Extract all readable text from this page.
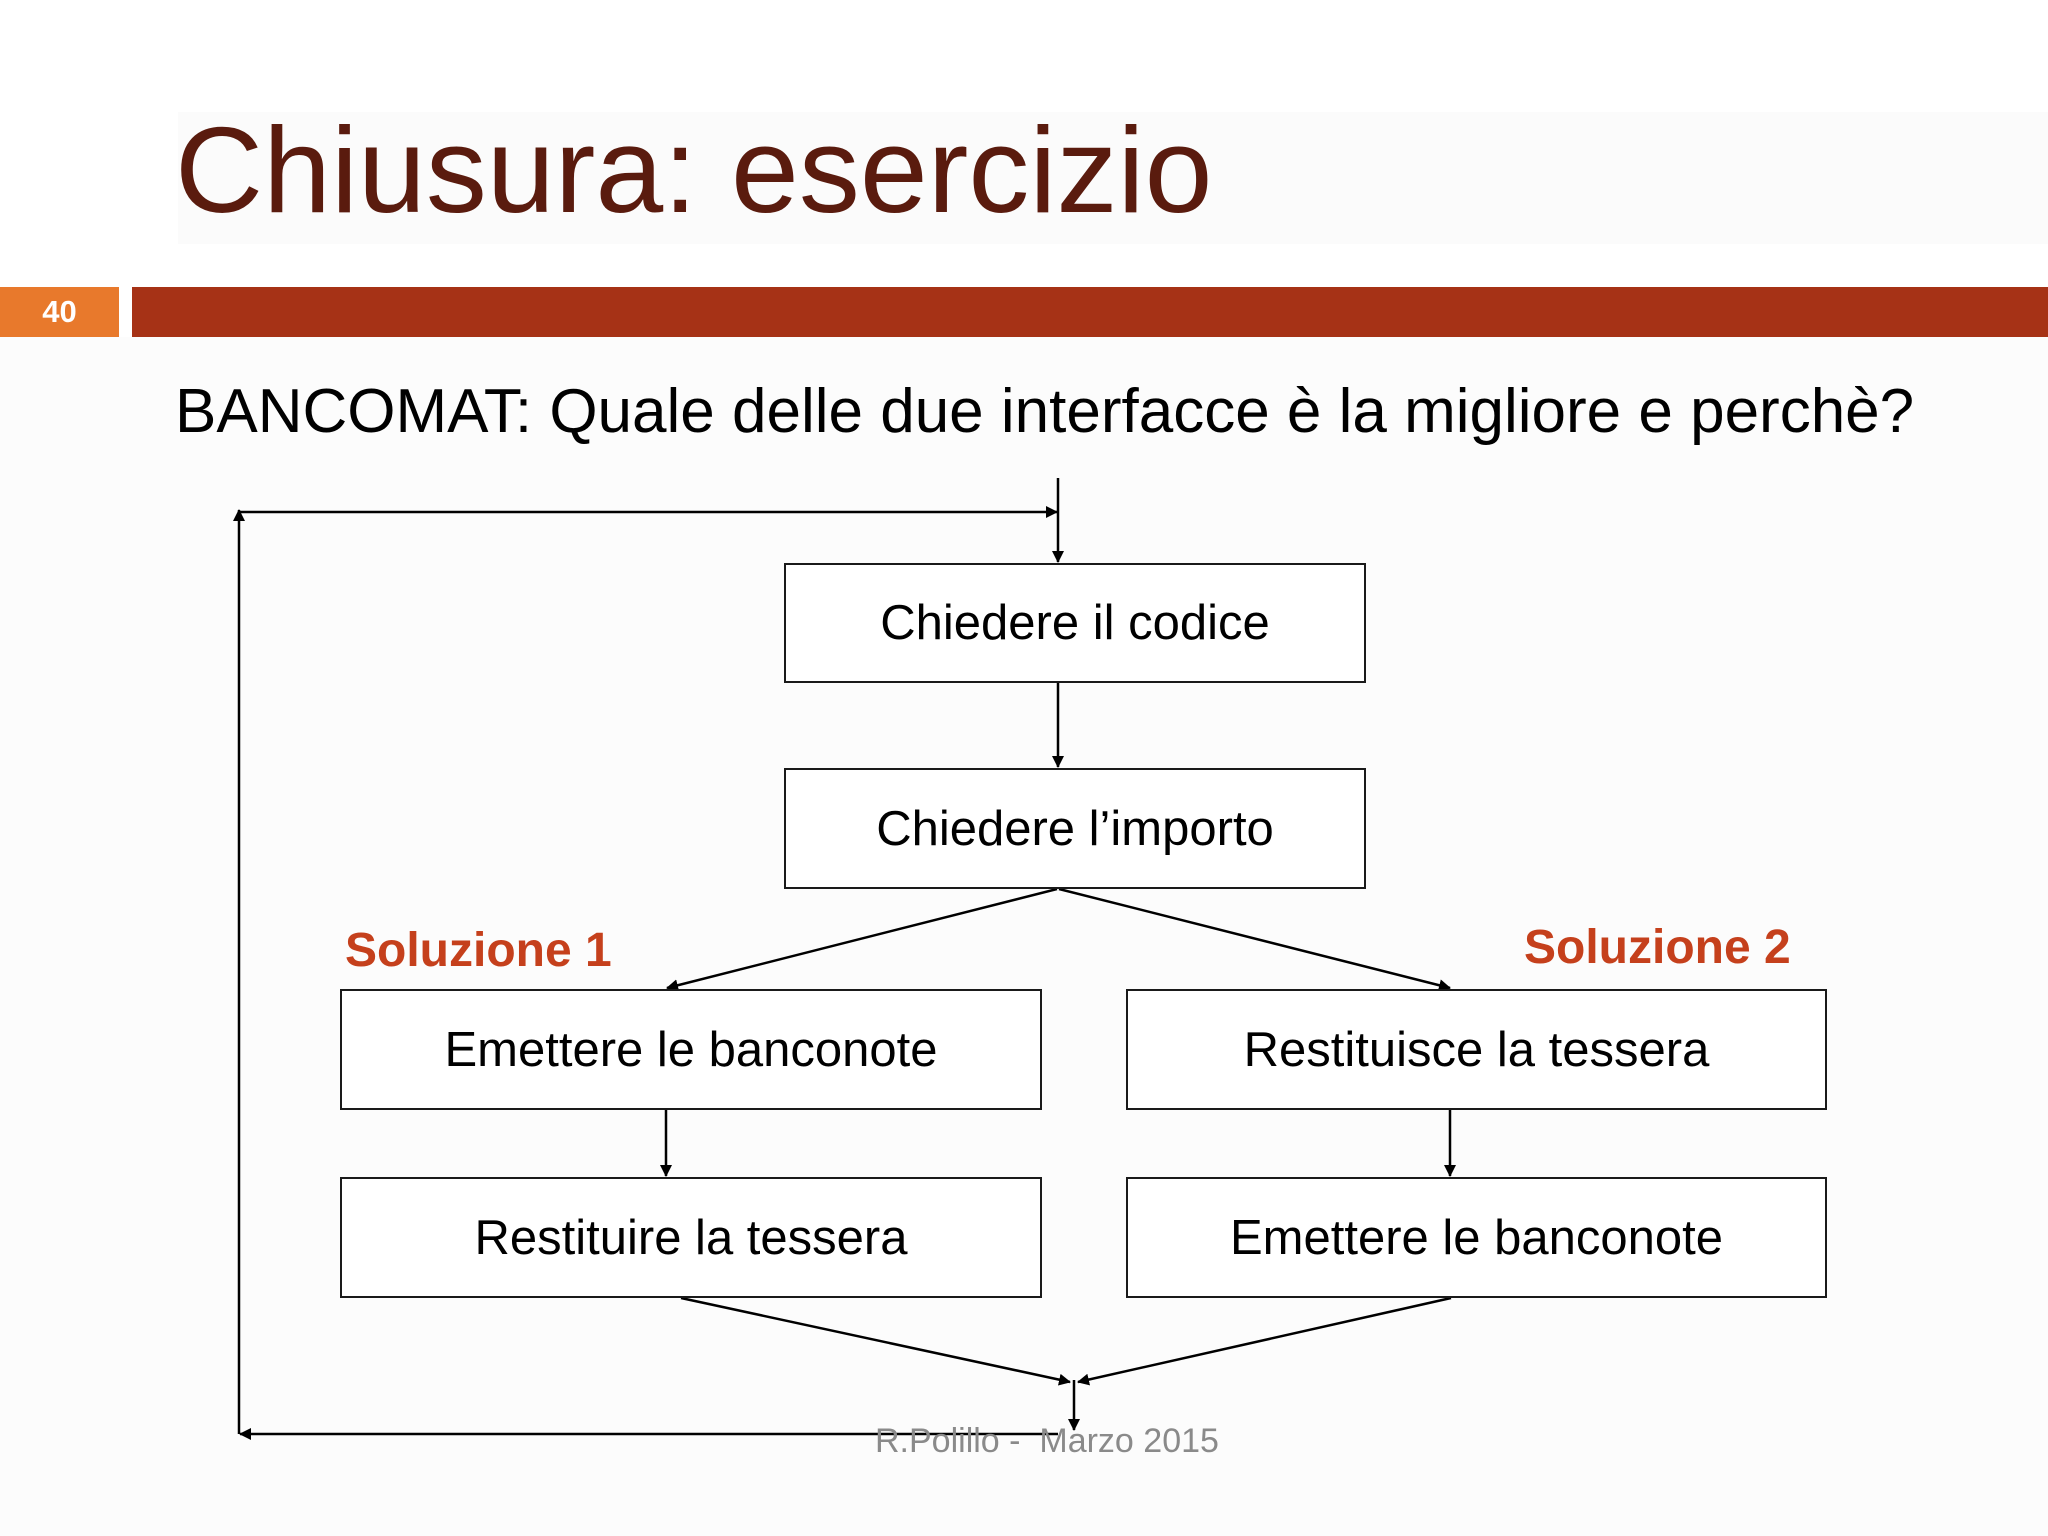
Chiusura: esercizio
40

BANCOMAT: Quale delle due interfacce è la migliore e perchè?

Chiedere il codice
Chiedere l’importo
Soluzione 1	Soluzione 2
Emettere le banconote
Restituire la tessera
Restituisce la tessera
Emettere le banconote
R.Polillo -  Marzo 2015
